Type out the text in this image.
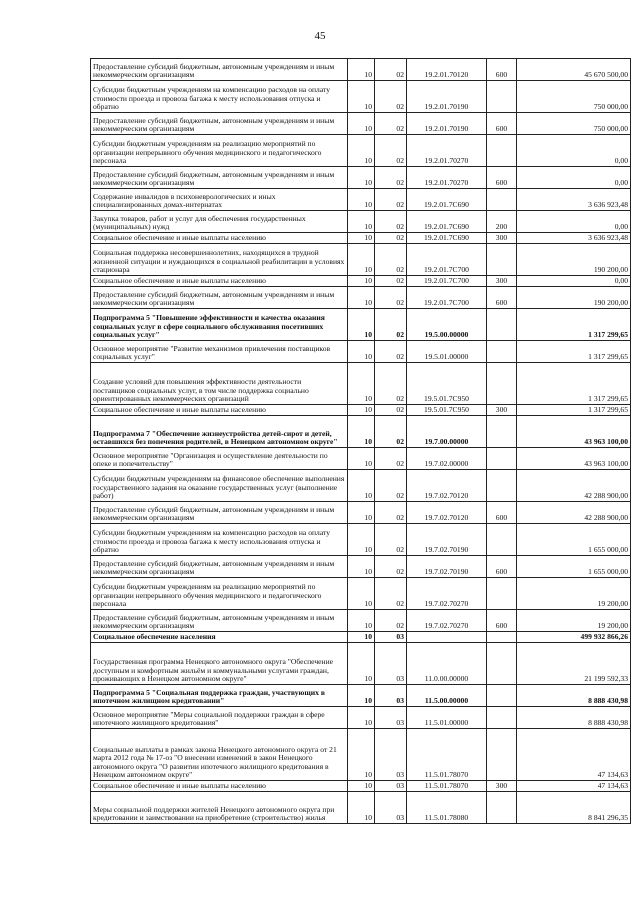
45
Предоставление субсидий бюджетным, автономным учреждениям и иным некоммерческим организациям	10	02	19.2.01.70120	600	45 670 500,00
Субсидии бюджетным учреждениям на компенсацию расходов на оплату стоимости проезда и провоза багажа к месту использования отпуска и обратно	10	02	19.2.01.70190		750 000,00
Предоставление субсидий бюджетным, автономным учреждениям и иным некоммерческим организациям	10	02	19.2.01.70190	600	750 000,00
Субсидии бюджетным учреждениям на реализацию мероприятий по организации непрерывного обучения медицинского и педагогического персонала	10	02	19.2.01.70270		0,00
Предоставление субсидий бюджетным, автономным учреждениям и иным некоммерческим организациям	10	02	19.2.01.70270	600	0,00
Содержание инвалидов в психоневрологических и иных специализированных домах-интернатах	10	02	19.2.01.7С690		3 636 923,48
Закупка товаров, работ и услуг для обеспечения государственных (муниципальных) нужд	10	02	19.2.01.7С690	200	0,00
Социальное обеспечение и иные выплаты населению	10	02	19.2.01.7С690	300	3 636 923,48
Социальная поддержка несовершеннолетних, находящихся в трудной жизненной ситуации и нуждающихся в социальной реабилитации в условиях стационара	10	02	19.2.01.7С700		190 200,00
Социальное обеспечение и иные выплаты населению	10	02	19.2.01.7С700	300	0,00
Предоставление субсидий бюджетным, автономным учреждениям и иным некоммерческим организациям	10	02	19.2.01.7С700	600	190 200,00
Подпрограмма 5 "Повышение эффективности и качества оказания социальных услуг в сфере социального обслуживания посетивших социальных услуг"	10	02	19.5.00.00000		1 317 299,65
Основное мероприятие "Развитие механизмов привлечения поставщиков социальных услуг"	10	02	19.5.01.00000		1 317 299,65
Создание условий для повышения эффективности деятельности поставщиков социальных услуг, в том числе поддержка социально ориентированных некоммерческих организаций	10	02	19.5.01.7С950		1 317 299,65
Социальное обеспечение и иные выплаты населению	10	02	19.5.01.7С950	300	1 317 299,65
Подпрограмма 7 "Обеспечение жизнеустройства детей-сирот и детей, оставшихся без попечения родителей, в Ненецком автономном округе"	10	02	19.7.00.00000		43 963 100,00
Основное мероприятие "Организация и осуществление деятельности по опеке и попечительству"	10	02	19.7.02.00000		43 963 100,00
Субсидии бюджетным учреждениям на финансовое обеспечение выполнения государственного задания на оказание государственных услуг (выполнение работ)	10	02	19.7.02.70120		42 288 900,00
Предоставление субсидий бюджетным, автономным учреждениям и иным некоммерческим организациям	10	02	19.7.02.70120	600	42 288 900,00
Субсидии бюджетным учреждениям на компенсацию расходов на оплату стоимости проезда и провоза багажа к месту использования отпуска и обратно	10	02	19.7.02.70190		1 655 000,00
Предоставление субсидий бюджетным, автономным учреждениям и иным некоммерческим организациям	10	02	19.7.02.70190	600	1 655 000,00
Субсидии бюджетным учреждениям на реализацию мероприятий по организации непрерывного обучения медицинского и педагогического персонала	10	02	19.7.02.70270		19 200,00
Предоставление субсидий бюджетным, автономным учреждениям и иным некоммерческим организациям	10	02	19.7.02.70270	600	19 200,00
Социальное обеспечение населения	10	03			499 932 866,26
Государственная программа Ненецкого автономного округа "Обеспечение доступным и комфортным жильём и коммунальными услугами граждан, проживающих в Ненецком автономном округе"	10	03	11.0.00.00000		21 199 592,33
Подпрограмма 5 "Социальная поддержка граждан, участвующих в ипотечном жилищном кредитовании"	10	03	11.5.00.00000		8 888 430,98
Основное мероприятие "Меры социальной поддержки граждан в сфере ипотечного жилищного кредитования"	10	03	11.5.01.00000		8 888 430,98
Социальные выплаты в рамках закона Ненецкого автономного округа от 21 марта 2012 года № 17-оз "О внесении изменений в закон Ненецкого автономного округа "О развитии ипотечного жилищного кредитования в Ненецком автономном округе"	10	03	11.5.01.78070		47 134,63
Социальное обеспечение и иные выплаты населению	10	03	11.5.01.78070	300	47 134,63
Меры социальной поддержки жителей Ненецкого автономного округа при кредитовании и заимствовании на приобретение (строительство) жилья	10	03	11.5.01.78080		8 841 296,35
